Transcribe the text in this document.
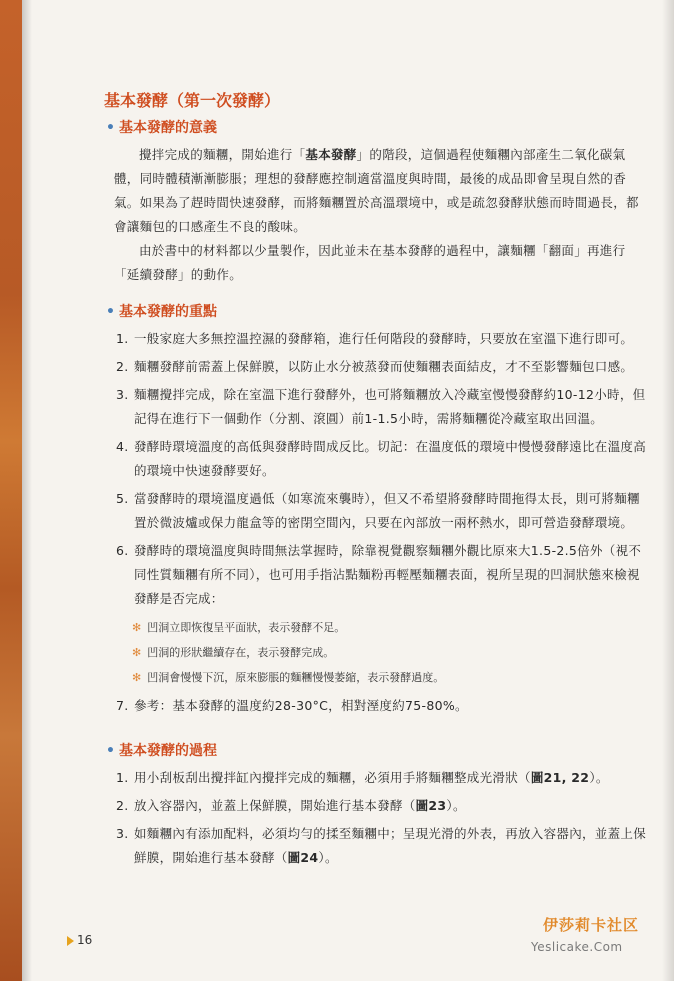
基本發酵（第一次發酵）
• 基本發酵的意義

攪拌完成的麵糰，開始進行「基本發酵」的階段，這個過程使麵糰內部產生二氧化碳氣體，同時體積漸漸膨脹；理想的發酵應控制適當溫度與時間，最後的成品即會呈現自然的香氣。如果為了趕時間快速發酵，而將麵糰置於高溫環境中，或是疏忽發酵狀態而時間過長，都會讓麵包的口感產生不良的酸味。

由於書中的材料都以少量製作，因此並未在基本發酵的過程中，讓麵糰「翻面」再進行「延續發酵」的動作。

• 基本發酵的重點
1. 一般家庭大多無控溫控濕的發酵箱，進行任何階段的發酵時，只要放在室溫下進行即可。
2. 麵糰發酵前需蓋上保鮮膜，以防止水分被蒸發而使麵糰表面結皮，才不至影響麵包口感。
3. 麵糰攪拌完成，除在室溫下進行發酵外，也可將麵糰放入冷藏室慢慢發酵約10-12小時，但記得在進行下一個動作（分割、滾圓）前1-1.5小時，需將麵糰從冷藏室取出回溫。
4. 發酵時環境溫度的高低與發酵時間成反比。切記：在溫度低的環境中慢慢發酵遠比在溫度高的環境中快速發酵要好。
5. 當發酵時的環境溫度過低（如寒流來襲時），但又不希望將發酵時間拖得太長，則可將麵糰置於微波爐或保力龍盒等的密閉空間內，只要在內部放一兩杯熱水，即可營造發酵環境。
6. 發酵時的環境溫度與時間無法掌握時，除靠視覺觀察麵糰外觀比原來大1.5-2.5倍外（視不同性質麵糰有所不同），也可用手指沾點麵粉再輕壓麵糰表面，視所呈現的凹洞狀態來檢視發酵是否完成：
✻ 凹洞立即恢復呈平面狀，表示發酵不足。
✻ 凹洞的形狀繼續存在，表示發酵完成。
✻ 凹洞會慢慢下沉，原來膨脹的麵糰慢慢萎縮，表示發酵過度。
7. 參考：基本發酵的溫度約28-30°C，相對溼度約75-80%。
• 基本發酵的過程
1. 用小刮板刮出攪拌缸內攪拌完成的麵糰，必須用手將麵糰整成光滑狀（圖21, 22）。
2. 放入容器內，並蓋上保鮮膜，開始進行基本發酵（圖23）。
3. 如麵糰內有添加配料，必須均勻的揉至麵糰中；呈現光滑的外表，再放入容器內，並蓋上保鮮膜，開始進行基本發酵（圖24）。
16
伊莎莉卡社区
Yeslicake.Com
